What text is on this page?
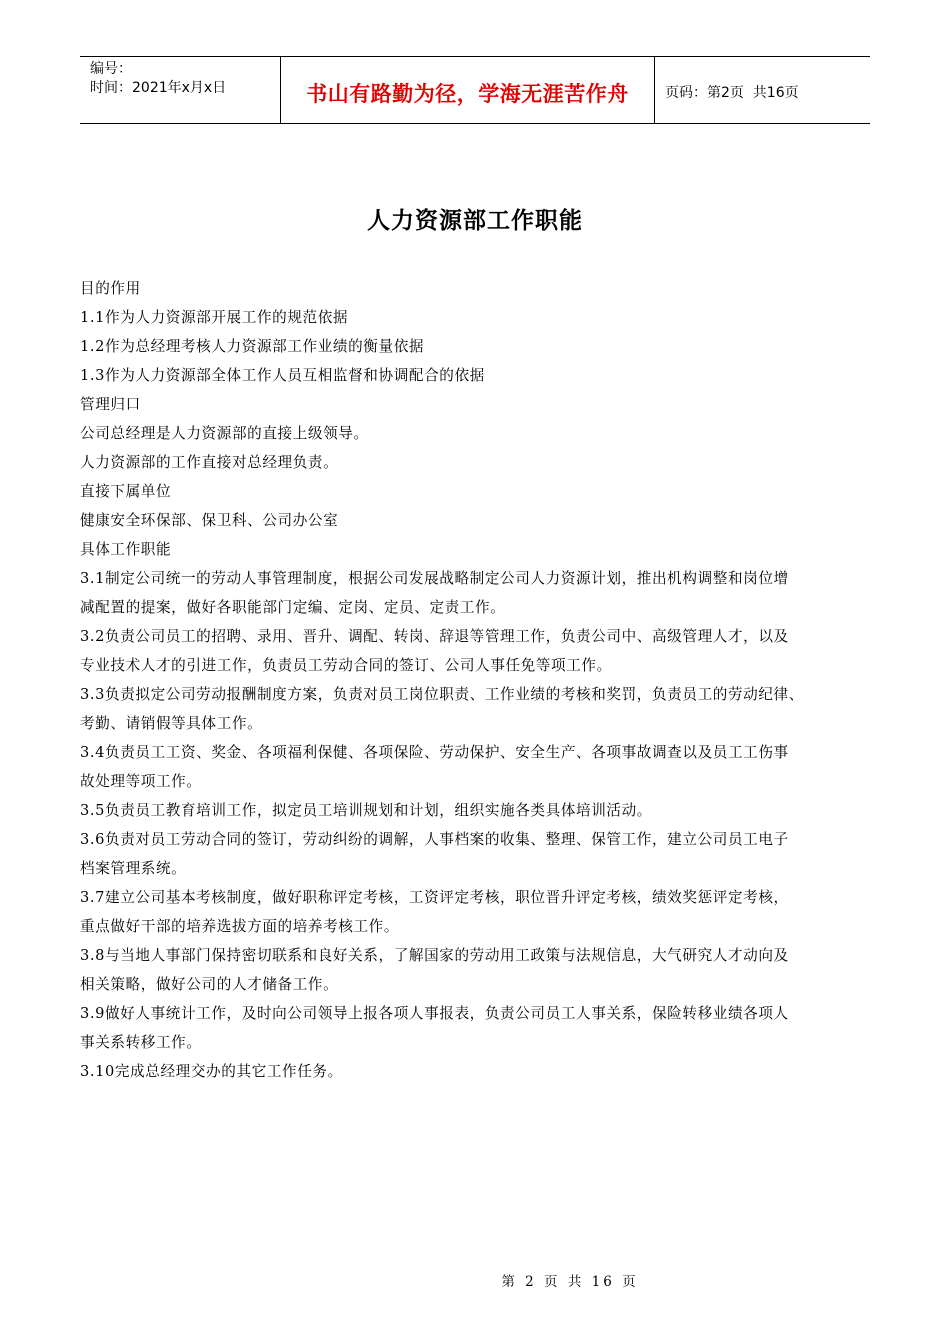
编号：
时间：2021年x月x日	书山有路勤为径，学海无涯苦作舟	页码：第2页  共16页
人力资源部工作职能
目的作用
1.1作为人力资源部开展工作的规范依据
1.2作为总经理考核人力资源部工作业绩的衡量依据
1.3作为人力资源部全体工作人员互相监督和协调配合的依据
管理归口
公司总经理是人力资源部的直接上级领导。
人力资源部的工作直接对总经理负责。
直接下属单位
健康安全环保部、保卫科、公司办公室
具体工作职能
3.1制定公司统一的劳动人事管理制度，根据公司发展战略制定公司人力资源计划，推出机构调整和岗位增
减配置的提案，做好各职能部门定编、定岗、定员、定责工作。
3.2负责公司员工的招聘、录用、晋升、调配、转岗、辞退等管理工作，负责公司中、高级管理人才，以及
专业技术人才的引进工作，负责员工劳动合同的签订、公司人事任免等项工作。
3.3负责拟定公司劳动报酬制度方案，负责对员工岗位职责、工作业绩的考核和奖罚，负责员工的劳动纪律、
考勤、请销假等具体工作。
3.4负责员工工资、奖金、各项福利保健、各项保险、劳动保护、安全生产、各项事故调查以及员工工伤事
故处理等项工作。
3.5负责员工教育培训工作，拟定员工培训规划和计划，组织实施各类具体培训活动。
3.6负责对员工劳动合同的签订，劳动纠纷的调解，人事档案的收集、整理、保管工作，建立公司员工电子
档案管理系统。
3.7建立公司基本考核制度，做好职称评定考核，工资评定考核，职位晋升评定考核，绩效奖惩评定考核，
重点做好干部的培养选拔方面的培养考核工作。
3.8与当地人事部门保持密切联系和良好关系，了解国家的劳动用工政策与法规信息，大气研究人才动向及
相关策略，做好公司的人才储备工作。
3.9做好人事统计工作，及时向公司领导上报各项人事报表，负责公司员工人事关系，保险转移业绩各项人
事关系转移工作。
3.10完成总经理交办的其它工作任务。
第 2 页 共 16 页
